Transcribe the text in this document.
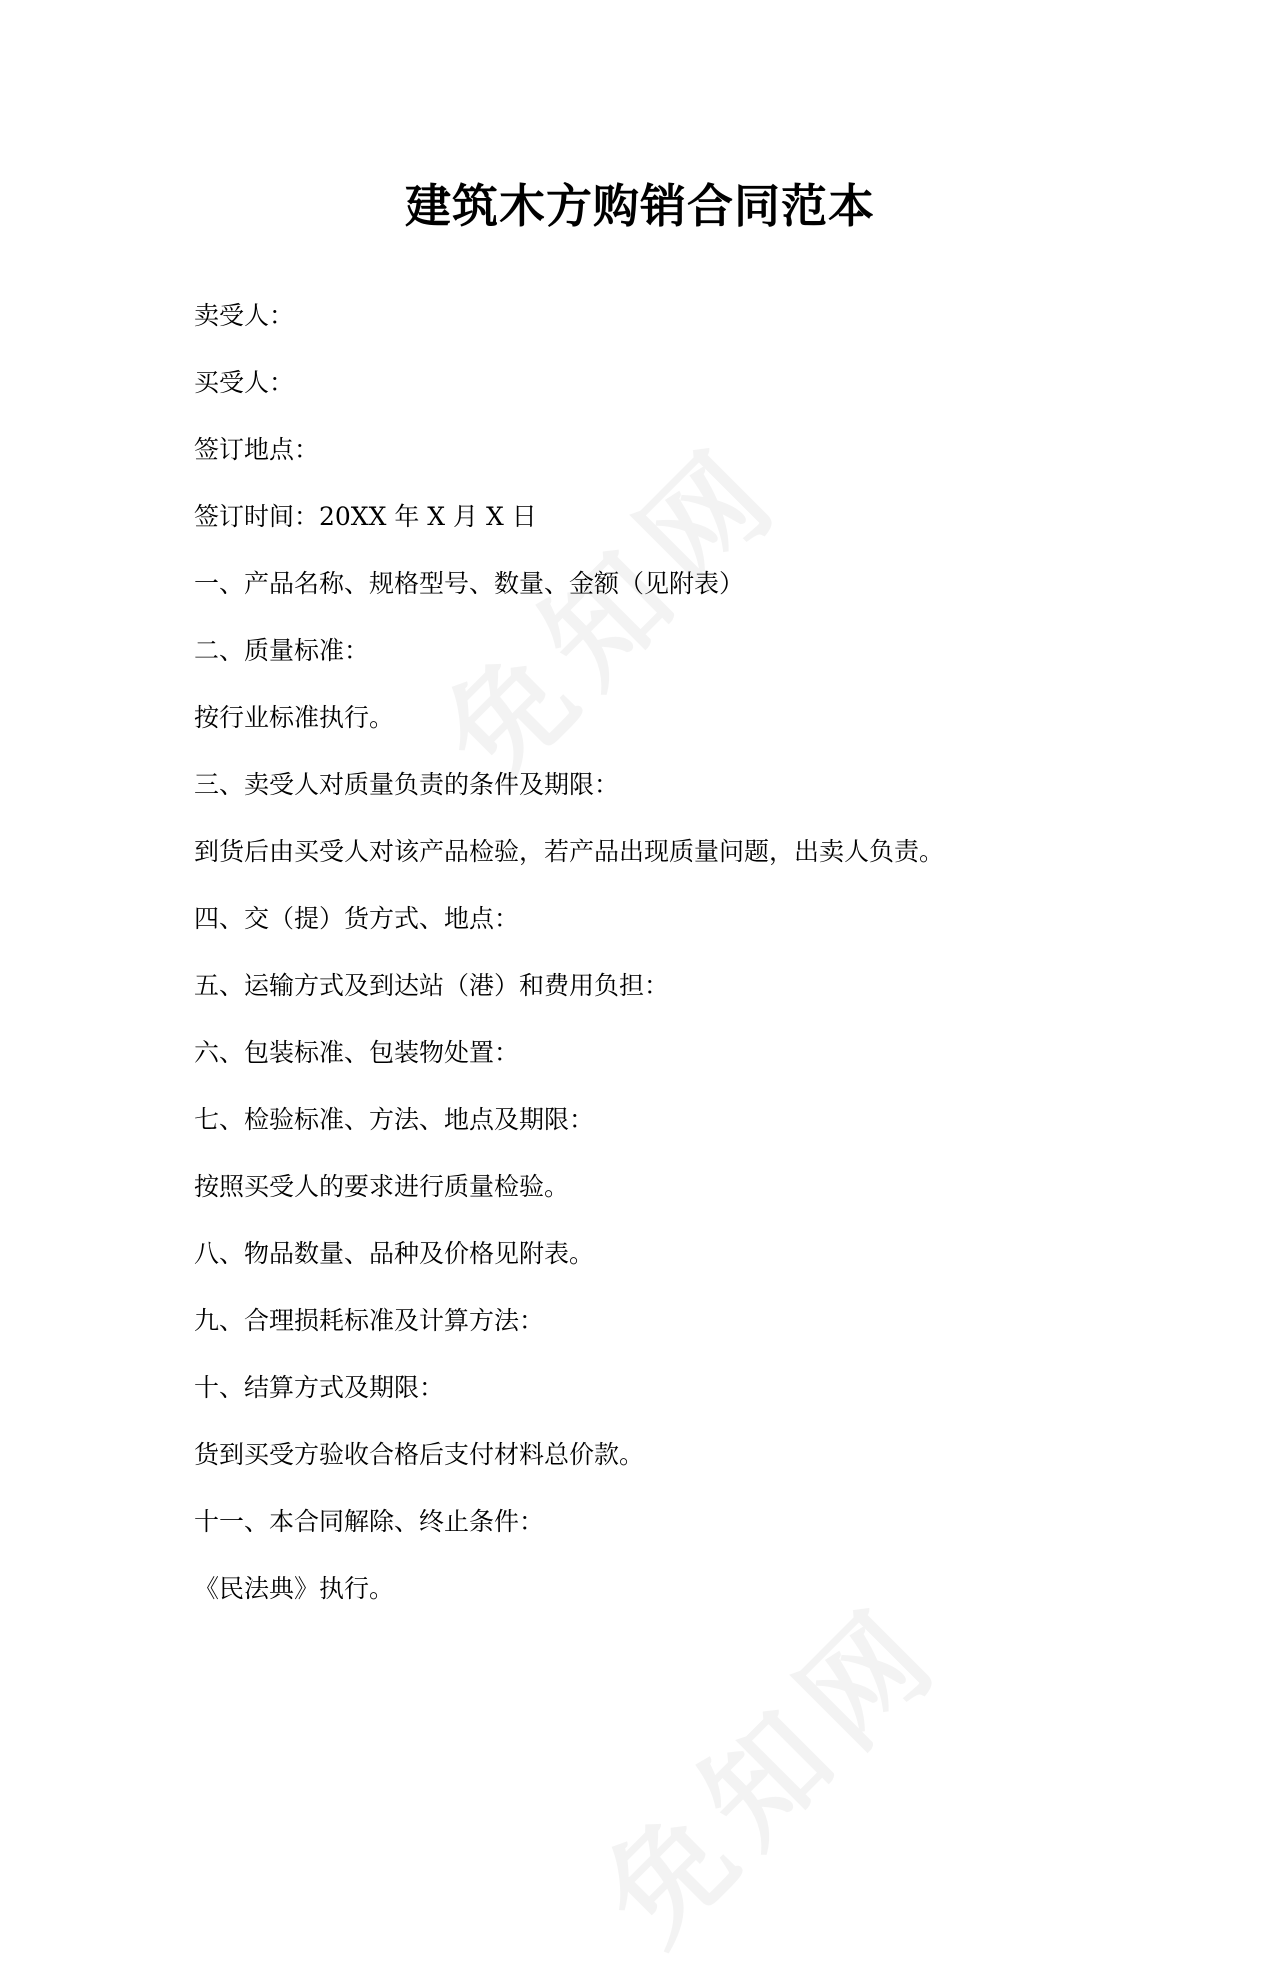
建筑木方购销合同范本
卖受人：
买受人：
签订地点：
签订时间：20XX 年 X 月 X 日
一、产品名称、规格型号、数量、金额（见附表）
二、质量标准：
按行业标准执行。
三、卖受人对质量负责的条件及期限：
到货后由买受人对该产品检验，若产品出现质量问题，出卖人负责。
四、交（提）货方式、地点：
五、运输方式及到达站（港）和费用负担：
六、包装标准、包装物处置：
七、检验标准、方法、地点及期限：
按照买受人的要求进行质量检验。
八、物品数量、品种及价格见附表。
九、合理损耗标准及计算方法：
十、结算方式及期限：
货到买受方验收合格后支付材料总价款。
十一、本合同解除、终止条件：
《民法典》执行。
